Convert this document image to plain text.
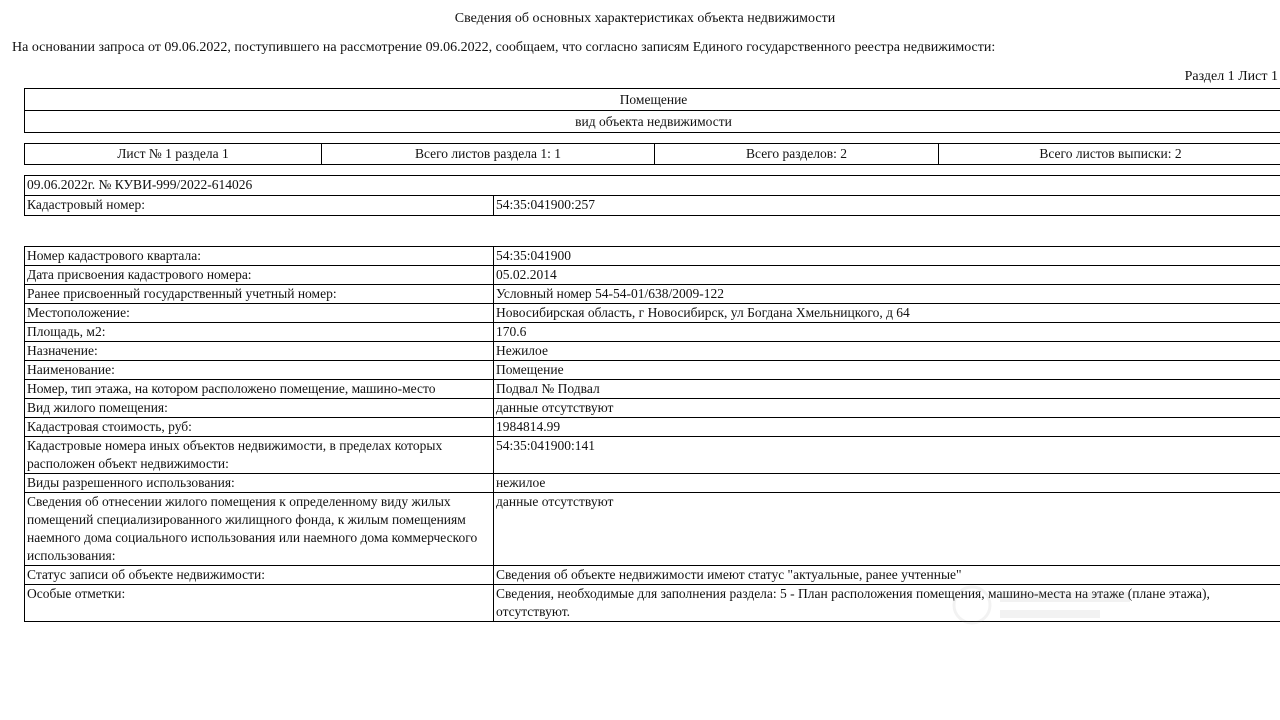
Сведения об основных характеристиках объекта недвижимости
На основании запроса от 09.06.2022, поступившего на рассмотрение 09.06.2022, сообщаем, что согласно записям Единого государственного реестра недвижимости:
Раздел 1 Лист 1
Помещение
вид объекта недвижимости
Лист № 1 раздела 1	Всего листов раздела 1: 1	Всего разделов: 2	Всего листов выписки: 2
09.06.2022г. № КУВИ-999/2022-614026
Кадастровый номер:	54:35:041900:257
Номер кадастрового квартала:	54:35:041900
Дата присвоения кадастрового номера:	05.02.2014
Ранее присвоенный государственный учетный номер:	Условный номер 54-54-01/638/2009-122
Местоположение:	Новосибирская область, г Новосибирск, ул Богдана Хмельницкого, д 64
Площадь, м2:	170.6
Назначение:	Нежилое
Наименование:	Помещение
Номер, тип этажа, на котором расположено помещение, машино-место	Подвал № Подвал
Вид жилого помещения:	данные отсутствуют
Кадастровая стоимость, руб:	1984814.99
Кадастровые номера иных объектов недвижимости, в пределах которых расположен объект недвижимости:	54:35:041900:141
Виды разрешенного использования:	нежилое
Сведения об отнесении жилого помещения к определенному виду жилых помещений специализированного жилищного фонда, к жилым помещениям наемного дома социального использования или наемного дома коммерческого использования:	данные отсутствуют
Статус записи об объекте недвижимости:	Сведения об объекте недвижимости имеют статус "актуальные, ранее учтенные"
Особые отметки:	Сведения, необходимые для заполнения раздела: 5 - План расположения помещения, машино-места на этаже (плане этажа), отсутствуют.
